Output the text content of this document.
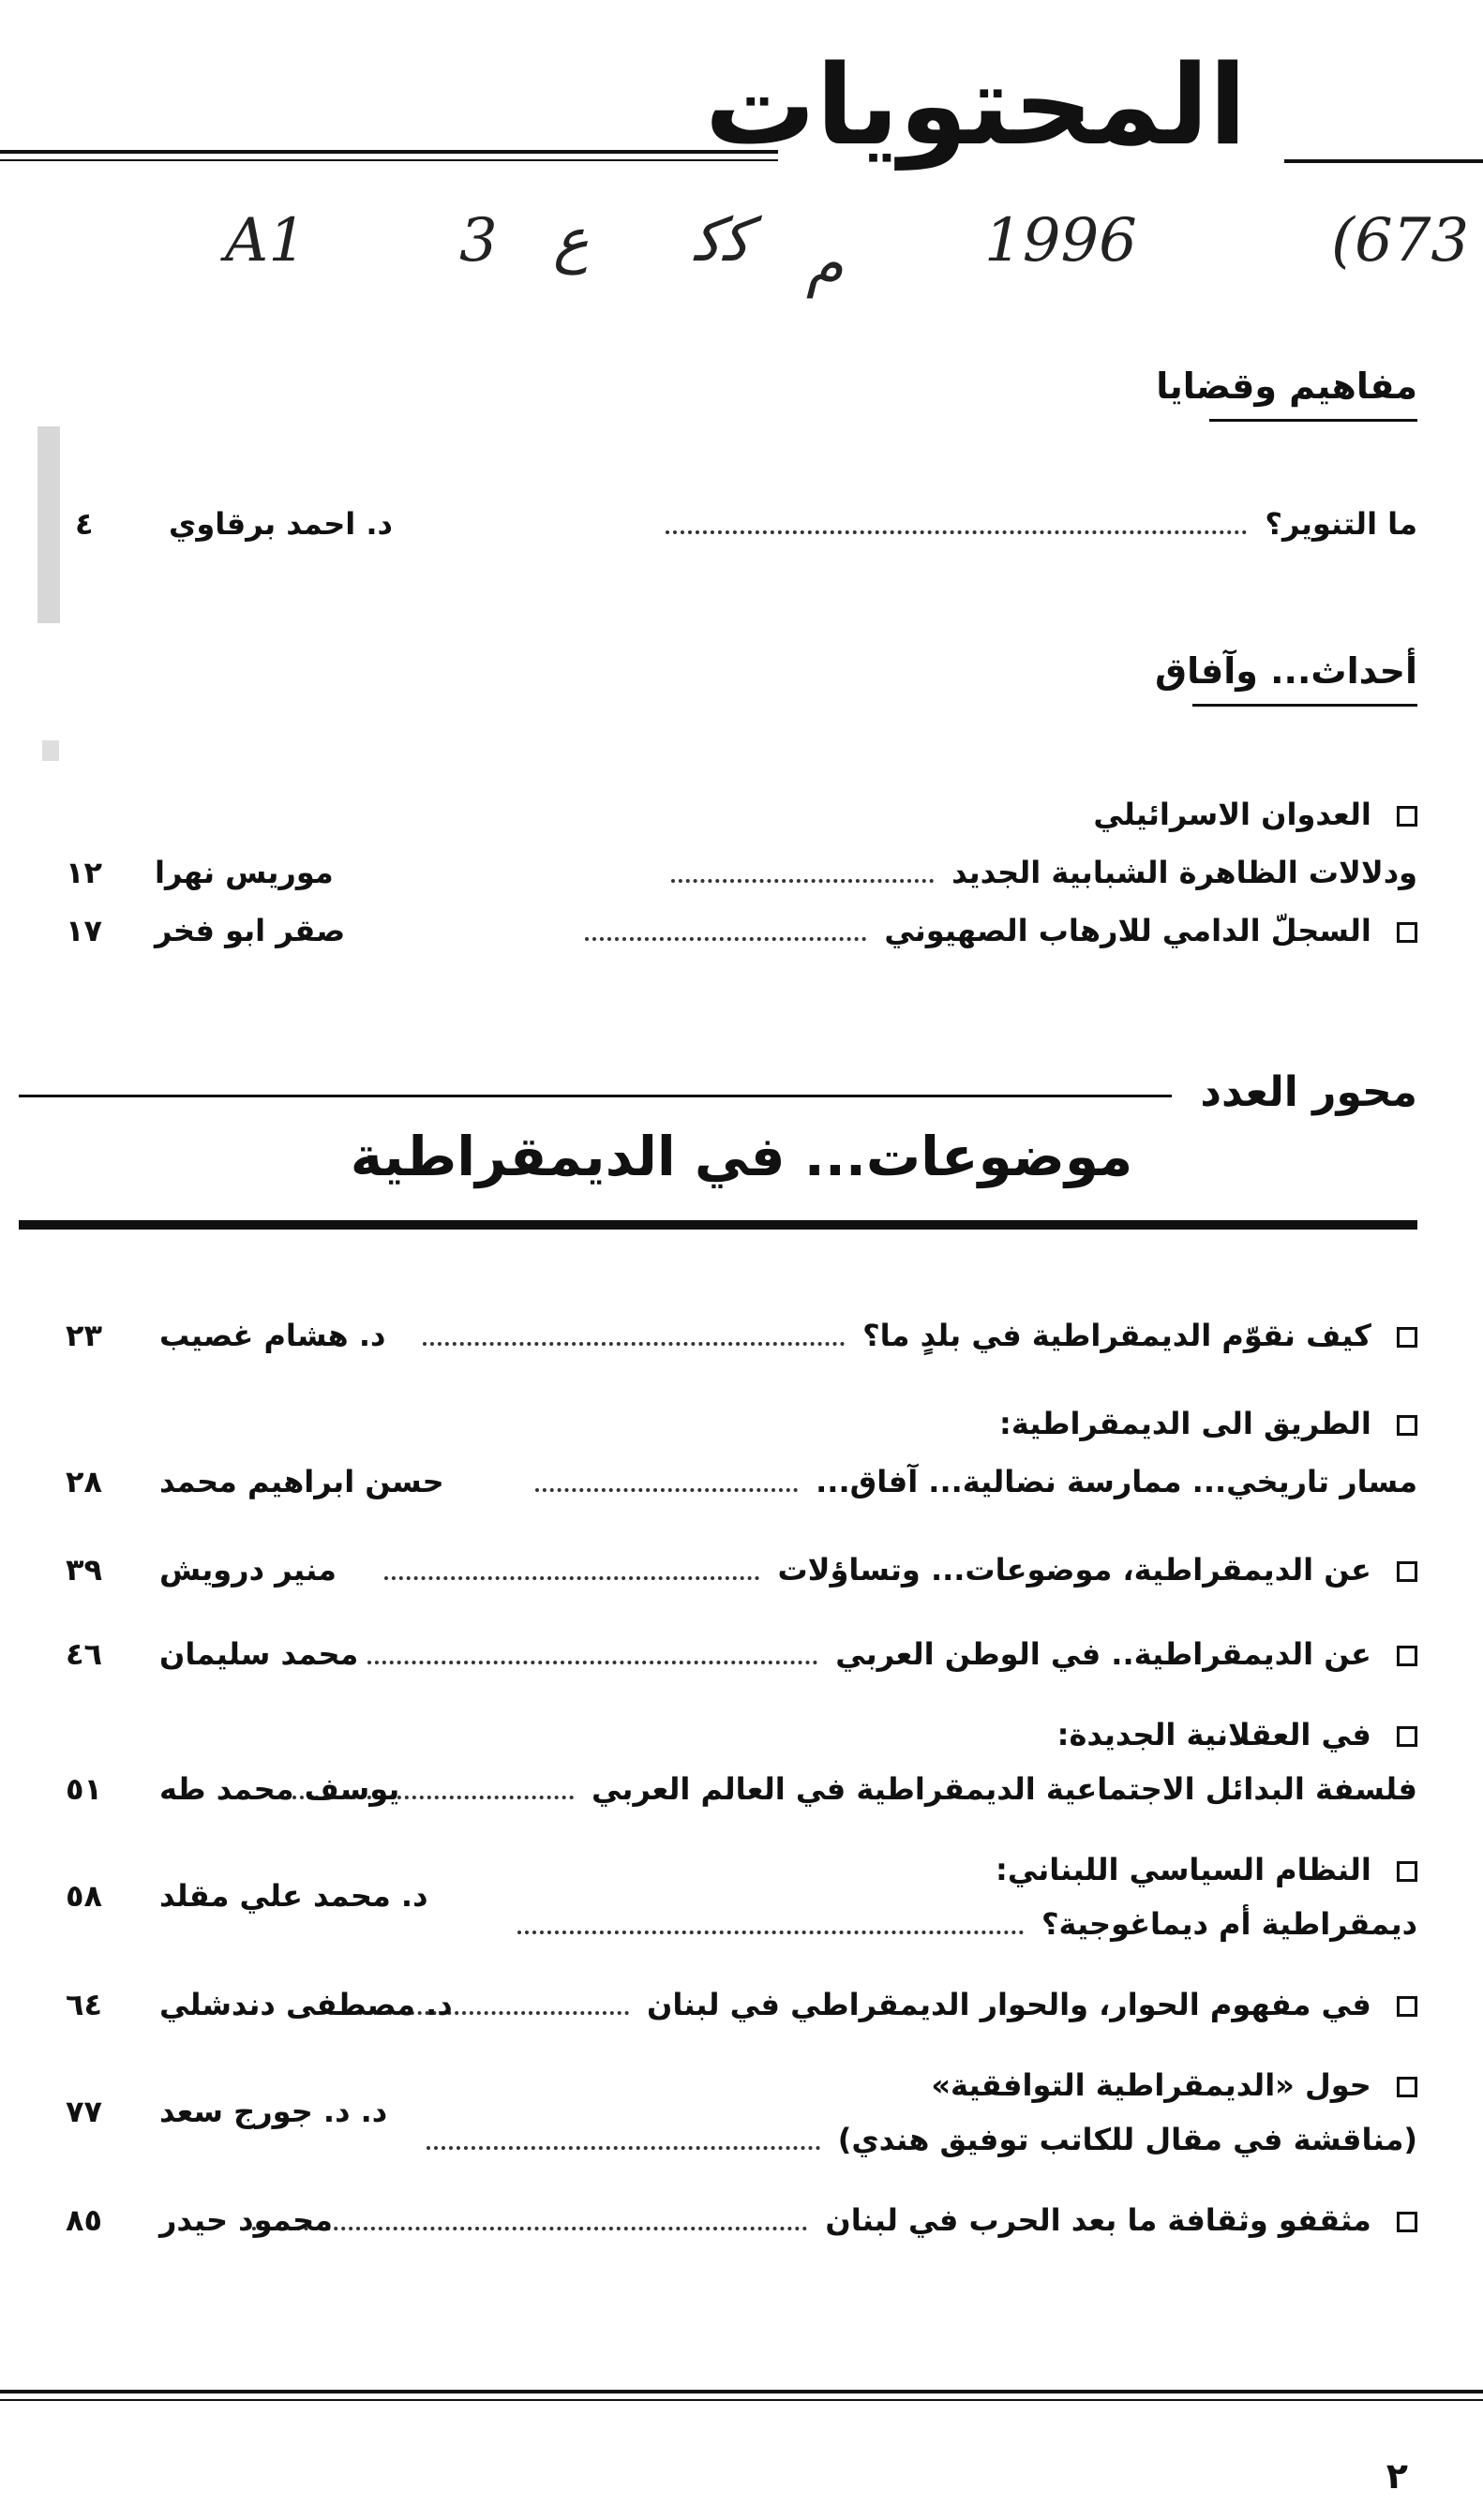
المحتويات
A1	3 ع ﮐﮐ م 1996	(673
مفاهيم وقضايا
ما التنوير؟
د. احمد برقاوي
٤
أحداث... وآفاق
العدوان الاسرائيلي
ودلالات الظاهرة الشبابية الجديد
موريس نهرا
١٢
السجلّ الدامي للارهاب الصهيوني
صقر ابو فخر
١٧
محور العدد
موضوعات... في الديمقراطية
كيف نقوّم الديمقراطية في بلدٍ ما؟
د. هشام غصيب
٢٣
الطريق الى الديمقراطية:
مسار تاريخي... ممارسة نضالية... آفاق...
حسن ابراهيم محمد
٢٨
عن الديمقراطية، موضوعات... وتساؤلات
منير درويش
٣٩
عن الديمقراطية.. في الوطن العربي
محمد سليمان
٤٦
في العقلانية الجديدة:
فلسفة البدائل الاجتماعية الديمقراطية في العالم العربي
يوسف محمد طه
٥١
النظام السياسي اللبناني:
ديمقراطية أم ديماغوجية؟
د. محمد علي مقلد
٥٨
في مفهوم الحوار، والحوار الديمقراطي في لبنان
د. مصطفى دندشلي
٦٤
حول «الديمقراطية التوافقية»
(مناقشة في مقال للكاتب توفيق هندي)
د. د. جورج سعد
٧٧
مثقفو وثقافة ما بعد الحرب في لبنان
محمود حيدر
٨٥
٢
